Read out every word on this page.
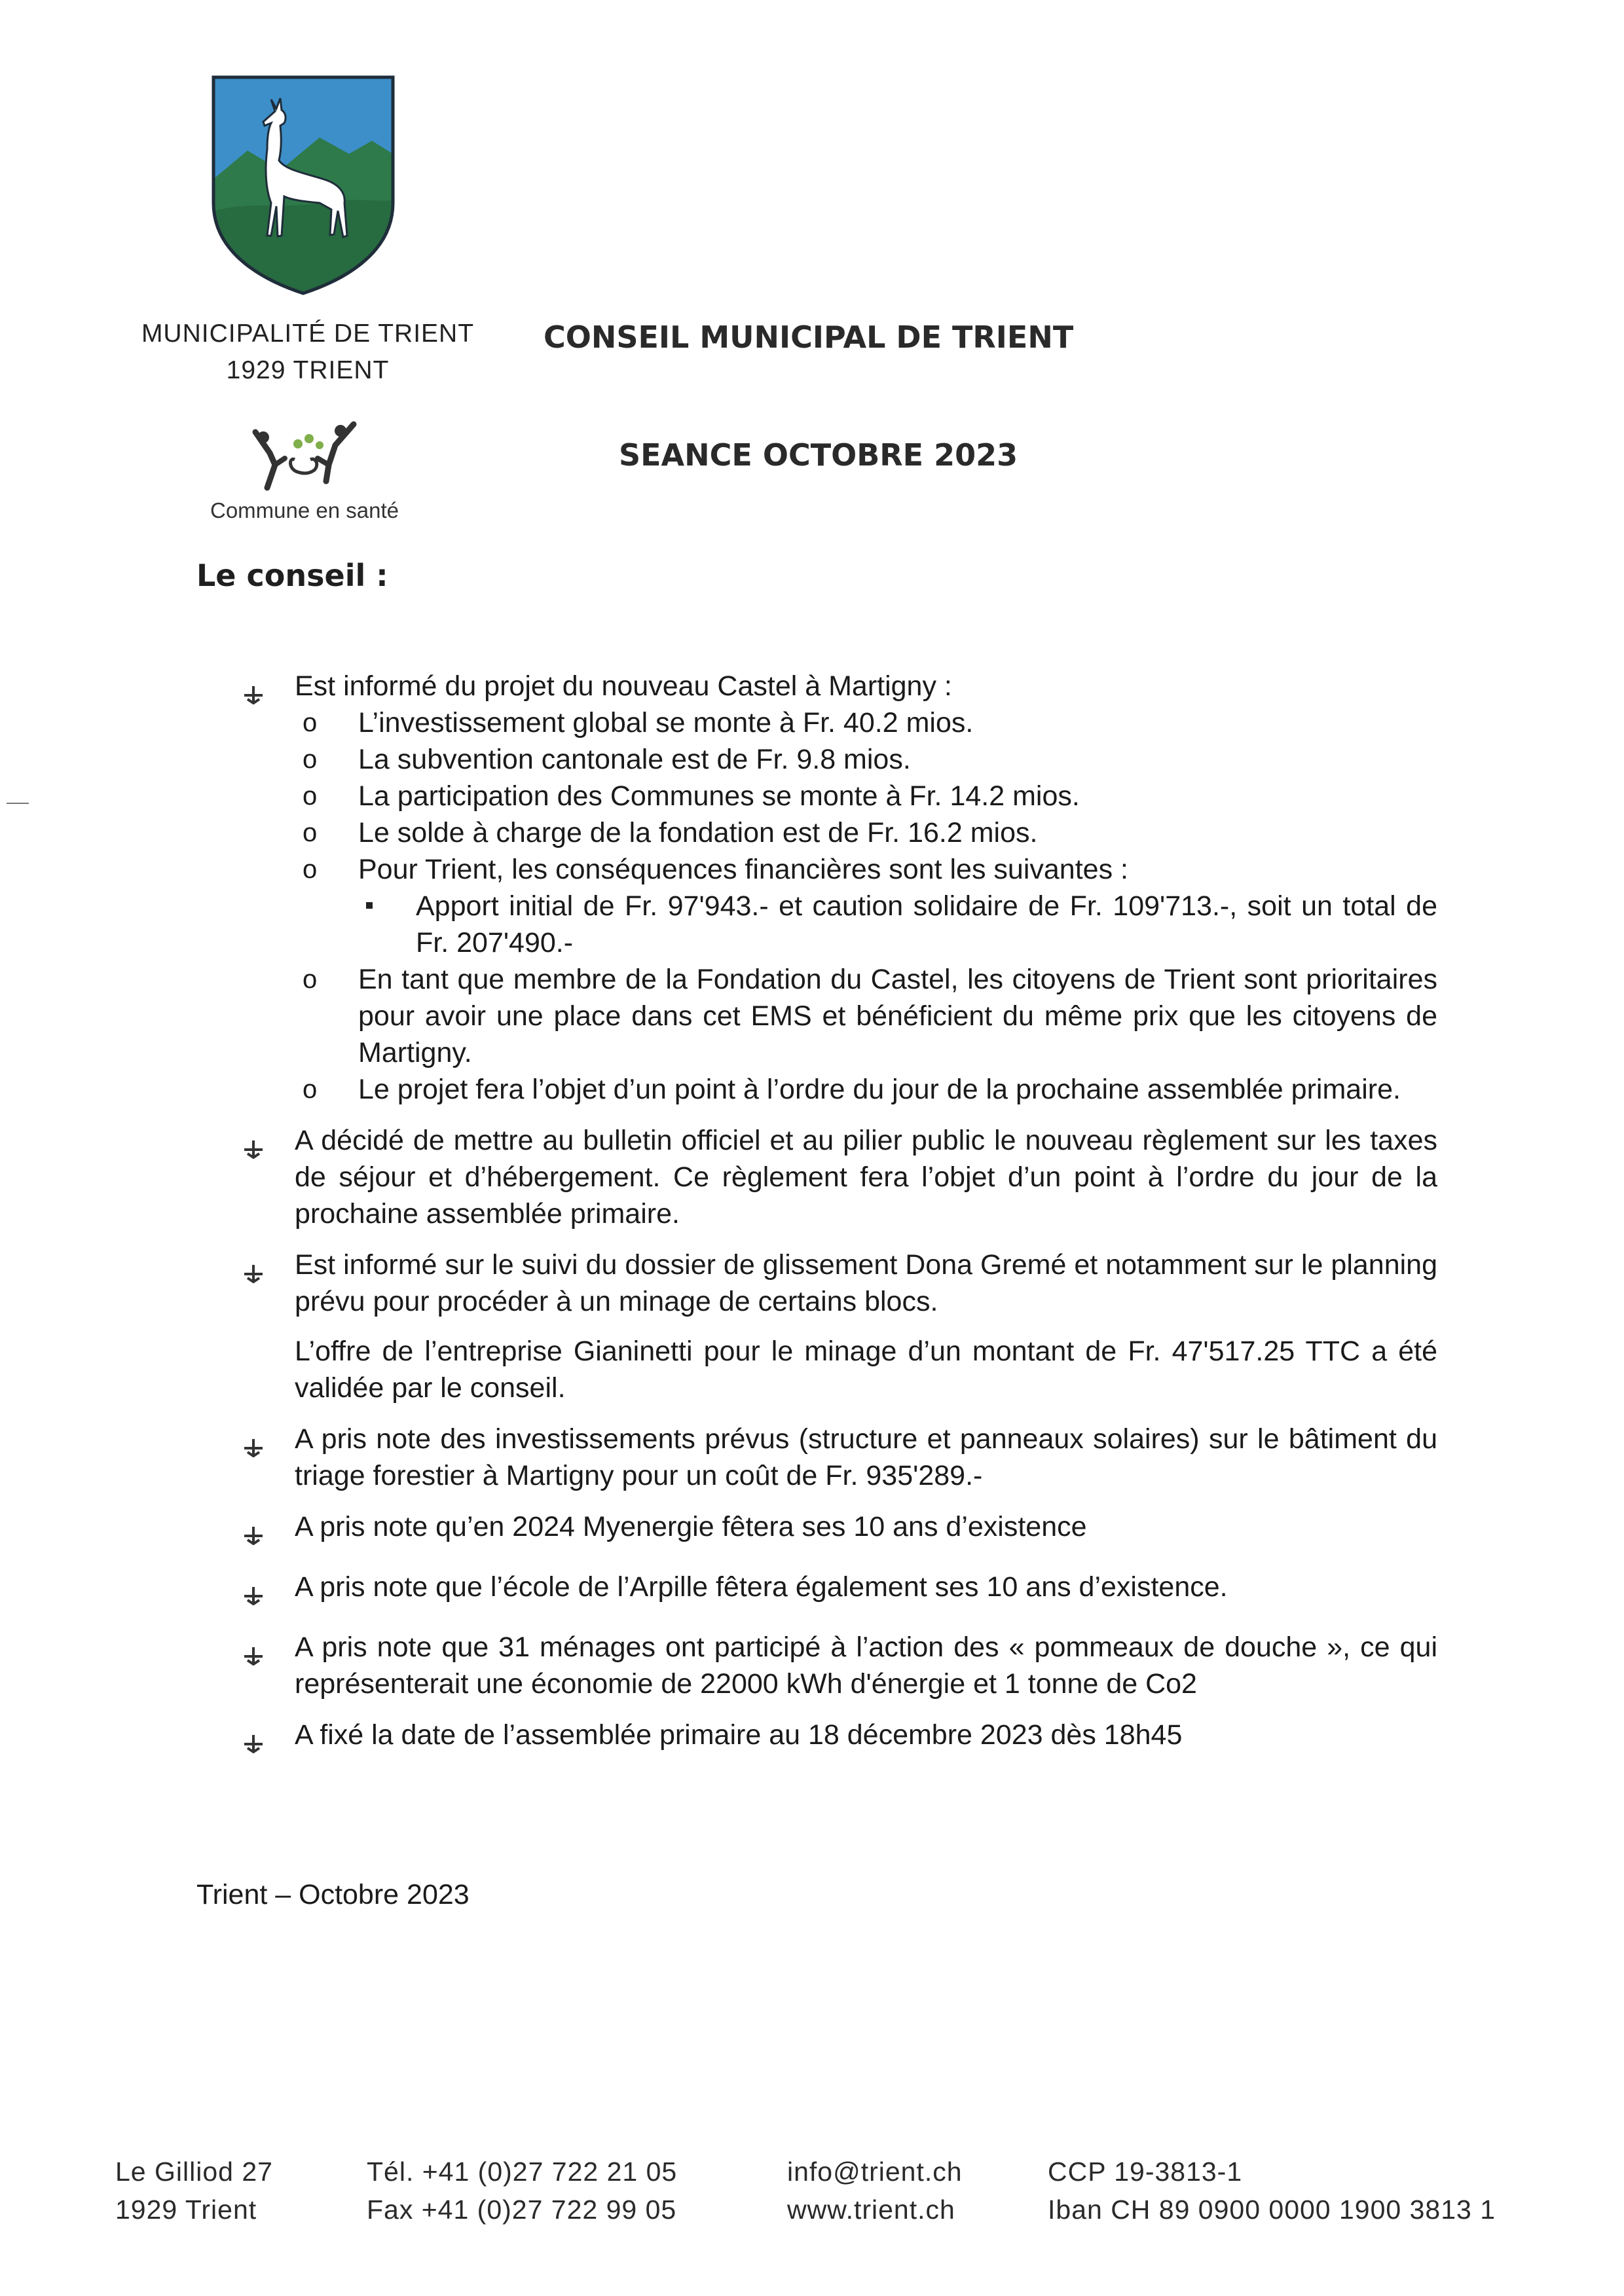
MUNICIPALITÉ DE TRIENT
1929 TRIENT
Commune en santé
CONSEIL MUNICIPAL DE TRIENT
SEANCE OCTOBRE 2023
Le conseil :

Est informé du projet du nouveau Castel à Martigny :

o	L’investissement global se monte à Fr. 40.2 mios.
o	La subvention cantonale est de Fr. 9.8 mios.
o	La participation des Communes se monte à Fr. 14.2 mios.
o	Le solde à charge de la fondation est de Fr. 16.2 mios.
o	Pour Trient, les conséquences financières sont les suivantes :
Apport initial de Fr. 97'943.- et caution solidaire de Fr. 109'713.-, soit un total de Fr. 207'490.-
o	En tant que membre de la Fondation du Castel, les citoyens de Trient sont prioritaires pour avoir une place dans cet EMS et bénéficient du même prix que les citoyens de Martigny.
o	Le projet fera l’objet d’un point à l’ordre du jour de la prochaine assemblée primaire.

A décidé de mettre au bulletin officiel et au pilier public le nouveau règlement sur les taxes de séjour et d’hébergement. Ce règlement fera l’objet d’un point à l’ordre du jour de la prochaine assemblée primaire.

Est informé sur le suivi du dossier de glissement Dona Gremé et notamment sur le planning prévu pour procéder à un minage de certains blocs.

L’offre de l’entreprise Gianinetti pour le minage d’un montant de Fr. 47'517.25 TTC a été validée par le conseil.

A pris note des investissements prévus (structure et panneaux solaires) sur le bâtiment du triage forestier à Martigny pour un coût de Fr. 935'289.-

A pris note qu’en 2024 Myenergie fêtera ses 10 ans d’existence

A pris note que l’école de l’Arpille fêtera également ses 10 ans d’existence.

A pris note que 31 ménages ont participé à l’action des « pommeaux de douche », ce qui représenterait une économie de 22000 kWh d'énergie et 1 tonne de Co2

A fixé la date de l’assemblée primaire au 18 décembre 2023 dès 18h45

Trient – Octobre 2023
Le Gilliod 27
1929 Trient
Tél. +41 (0)27 722 21 05
Fax +41 (0)27 722 99 05
info@trient.ch
www.trient.ch
CCP 19-3813-1
Iban CH 89 0900 0000 1900 3813 1
